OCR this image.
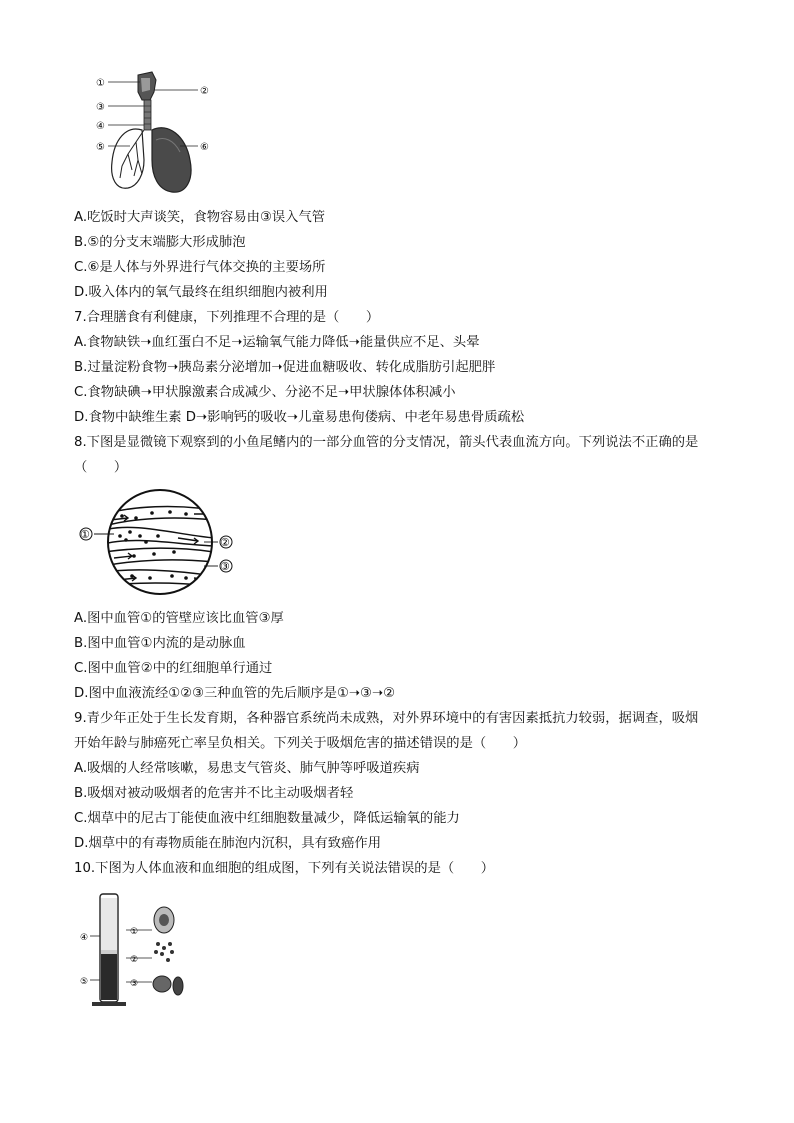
①
②
③
④
⑤	⑥
A.吃饭时大声谈笑，食物容易由③误入气管
B.⑤的分支末端膨大形成肺泡
C.⑥是人体与外界进行气体交换的主要场所
D.吸入体内的氧气最终在组织细胞内被利用
7.合理膳食有利健康，下列推理不合理的是（　　）
A.食物缺铁➝血红蛋白不足➝运输氧气能力降低➝能量供应不足、头晕
B.过量淀粉食物➝胰岛素分泌增加➝促进血糖吸收、转化成脂肪引起肥胖
C.食物缺碘➝甲状腺激素合成减少、分泌不足➝甲状腺体体积减小
D.食物中缺维生素 D➝影响钙的吸收➝儿童易患佝偻病、中老年易患骨质疏松
8.下图是显微镜下观察到的小鱼尾鳍内的一部分血管的分支情况，箭头代表血流方向。下列说法不正确的是
（　　）
①
②
③
A.图中血管①的管壁应该比血管③厚
B.图中血管①内流的是动脉血
C.图中血管②中的红细胞单行通过
D.图中血液流经①②③三种血管的先后顺序是①➝③➝②
9.青少年正处于生长发育期，各种器官系统尚未成熟，对外界环境中的有害因素抵抗力较弱，据调查，吸烟
开始年龄与肺癌死亡率呈负相关。下列关于吸烟危害的描述错误的是（　　）
A.吸烟的人经常咳嗽，易患支气管炎、肺气肿等呼吸道疾病
B.吸烟对被动吸烟者的危害并不比主动吸烟者轻
C.烟草中的尼古丁能使血液中红细胞数量减少，降低运输氧的能力
D.烟草中的有毒物质能在肺泡内沉积，具有致癌作用
10.下图为人体血液和血细胞的组成图，下列有关说法错误的是（　　）
①
②
③
④
⑤
